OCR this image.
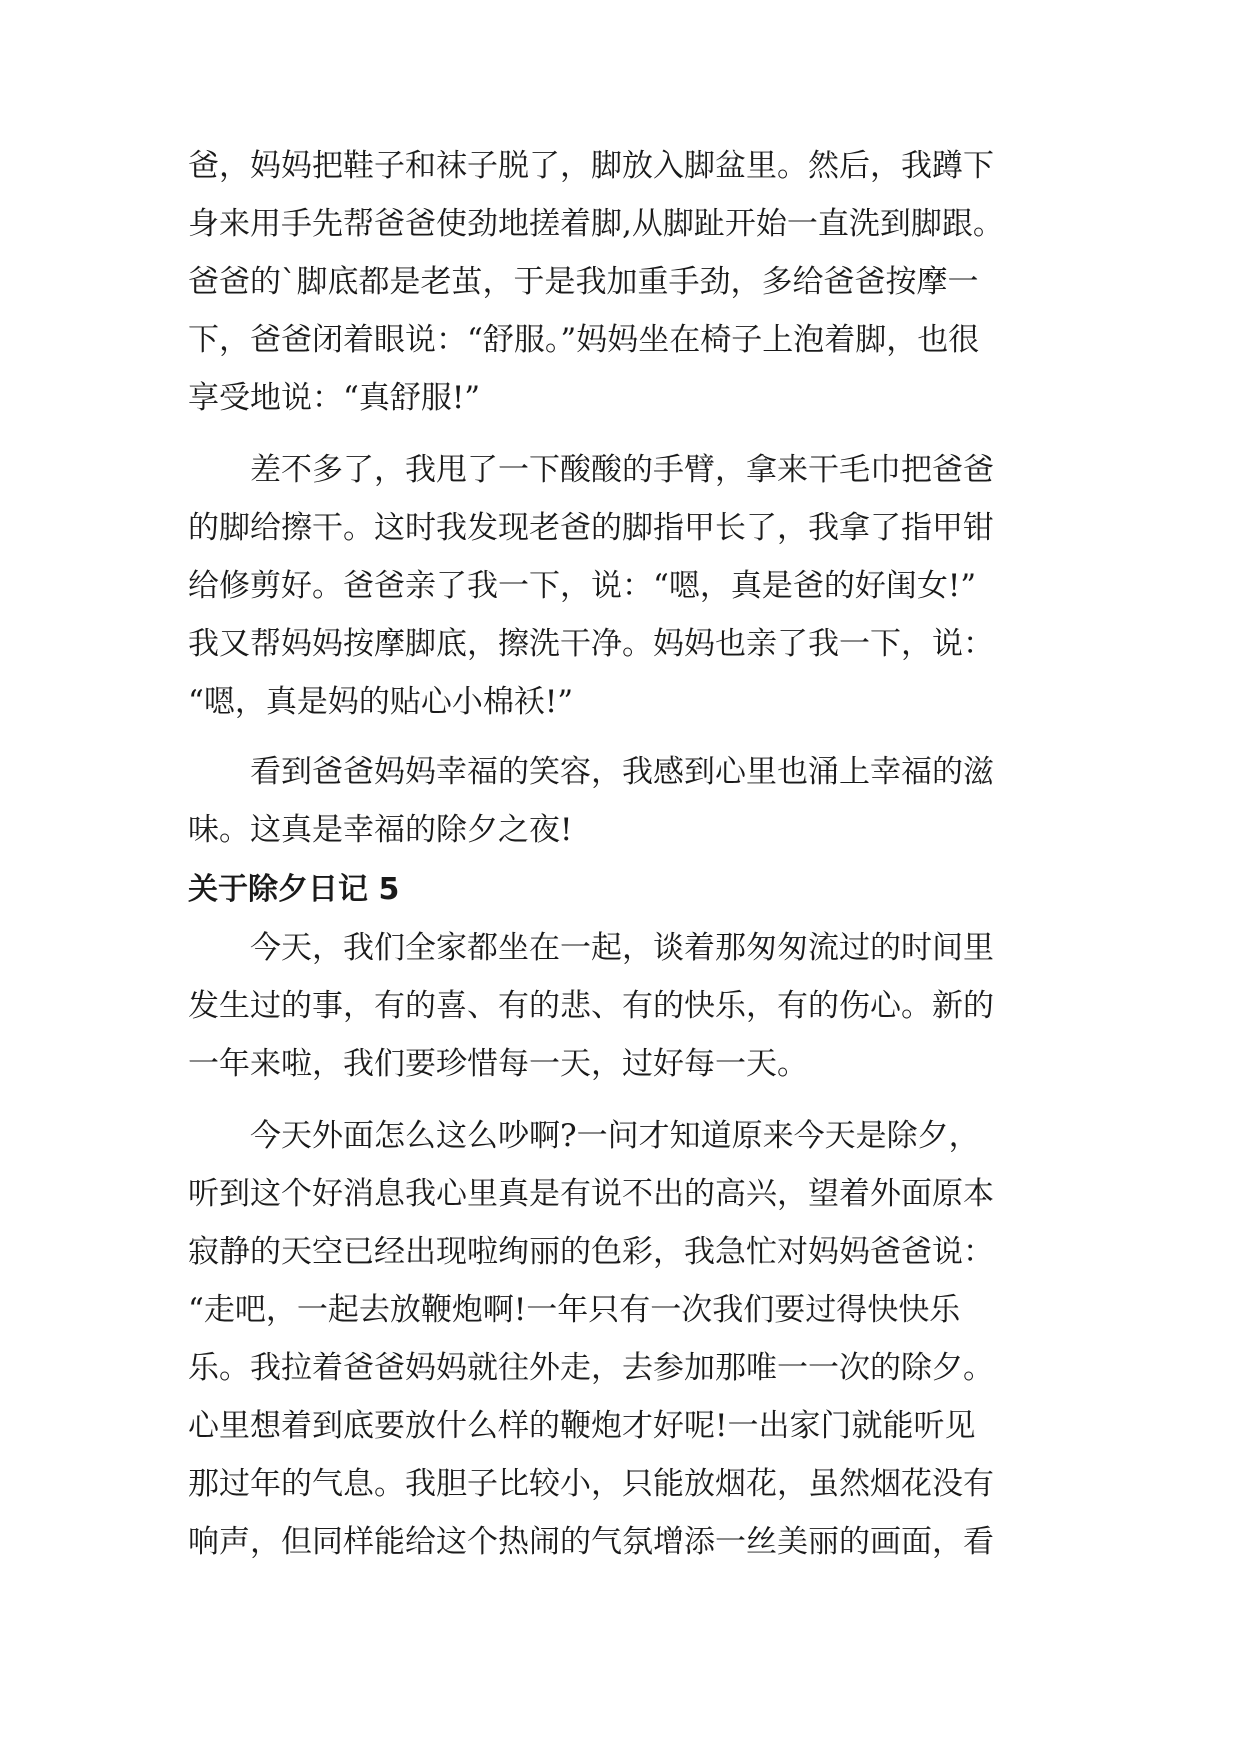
爸，妈妈把鞋子和袜子脱了，脚放入脚盆里。然后，我蹲下

身来用手先帮爸爸使劲地搓着脚,从脚趾开始一直洗到脚跟。

爸爸的`脚底都是老茧，于是我加重手劲，多给爸爸按摩一

下，爸爸闭着眼说：“舒服。”妈妈坐在椅子上泡着脚，也很

享受地说：“真舒服!”

　　差不多了，我甩了一下酸酸的手臂，拿来干毛巾把爸爸

的脚给擦干。这时我发现老爸的脚指甲长了，我拿了指甲钳

给修剪好。爸爸亲了我一下，说：“嗯，真是爸的好闺女!”

我又帮妈妈按摩脚底，擦洗干净。妈妈也亲了我一下，说：

“嗯，真是妈的贴心小棉袄!”

　　看到爸爸妈妈幸福的笑容，我感到心里也涌上幸福的滋

味。这真是幸福的除夕之夜!

关于除夕日记 5

　　今天，我们全家都坐在一起，谈着那匆匆流过的时间里

发生过的事，有的喜、有的悲、有的快乐，有的伤心。新的

一年来啦，我们要珍惜每一天，过好每一天。

　　今天外面怎么这么吵啊?一问才知道原来今天是除夕，

听到这个好消息我心里真是有说不出的高兴，望着外面原本

寂静的天空已经出现啦绚丽的色彩，我急忙对妈妈爸爸说：

“走吧，一起去放鞭炮啊!一年只有一次我们要过得快快乐

乐。我拉着爸爸妈妈就往外走，去参加那唯一一次的除夕。

心里想着到底要放什么样的鞭炮才好呢!一出家门就能听见

那过年的气息。我胆子比较小，只能放烟花，虽然烟花没有

响声，但同样能给这个热闹的气氛增添一丝美丽的画面，看
